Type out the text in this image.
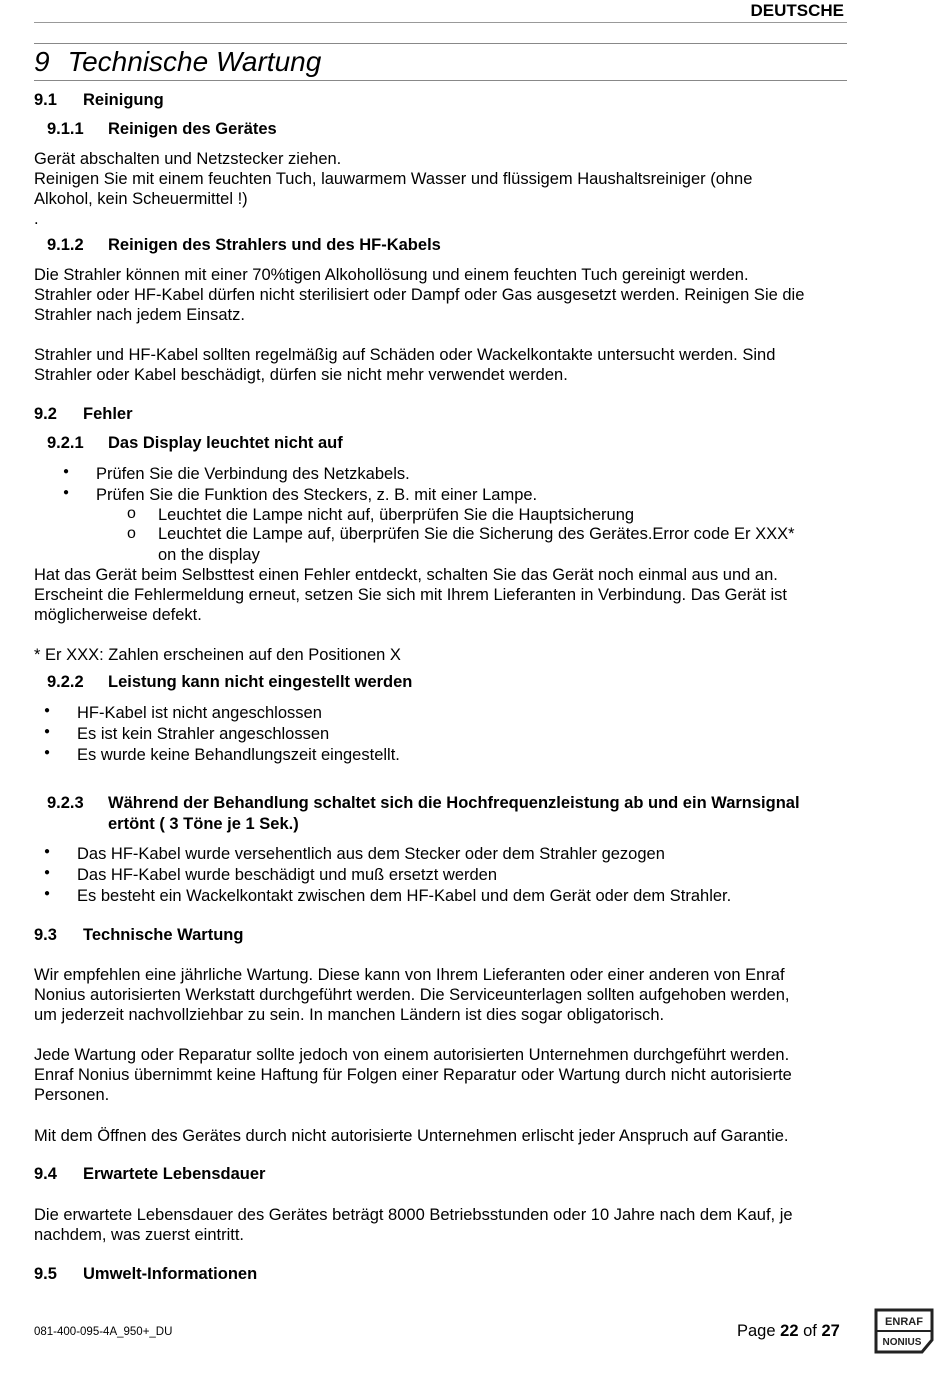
DEUTSCHE
9 Technische Wartung
9.1 Reinigung
9.1.1 Reinigen des Gerätes
Gerät abschalten und Netzstecker ziehen.
Reinigen Sie mit einem feuchten Tuch, lauwarmem Wasser und flüssigem Haushaltsreiniger (ohne
Alkohol, kein Scheuermittel !)
.
9.1.2 Reinigen des Strahlers und des HF-Kabels
Die Strahler können mit einer 70%tigen Alkohollösung und einem feuchten Tuch gereinigt werden.
Strahler oder HF-Kabel dürfen nicht sterilisiert oder Dampf oder Gas ausgesetzt werden. Reinigen Sie die
Strahler nach jedem Einsatz.
Strahler und HF-Kabel sollten regelmäßig auf Schäden oder Wackelkontakte untersucht werden. Sind
Strahler oder Kabel beschädigt, dürfen sie nicht mehr verwendet werden.
9.2 Fehler
9.2.1 Das Display leuchtet nicht auf
Prüfen Sie die Verbindung des Netzkabels.
●
Prüfen Sie die Funktion des Steckers, z. B. mit einer Lampe.
●
o Leuchtet die Lampe nicht auf, überprüfen Sie die Hauptsicherung
o Leuchtet die Lampe auf, überprüfen Sie die Sicherung des Gerätes.Error code Er XXX*
on the display
Hat das Gerät beim Selbsttest einen Fehler entdeckt, schalten Sie das Gerät noch einmal aus und an.
Erscheint die Fehlermeldung erneut, setzen Sie sich mit Ihrem Lieferanten in Verbindung. Das Gerät ist
möglicherweise defekt.
* Er XXX: Zahlen erscheinen auf den Positionen X
9.2.2 Leistung kann nicht eingestellt werden
● HF-Kabel ist nicht angeschlossen
● Es ist kein Strahler angeschlossen
● Es wurde keine Behandlungszeit eingestellt.
9.2.3 Während der Behandlung schaltet sich die Hochfrequenzleistung ab und ein Warnsignal
ertönt ( 3 Töne je 1 Sek.)
● Das HF-Kabel wurde versehentlich aus dem Stecker oder dem Strahler gezogen
● Das HF-Kabel wurde beschädigt und muß ersetzt werden
● Es besteht ein Wackelkontakt zwischen dem HF-Kabel und dem Gerät oder dem Strahler.
9.3 Technische Wartung
Wir empfehlen eine jährliche Wartung. Diese kann von Ihrem Lieferanten oder einer anderen von Enraf
Nonius autorisierten Werkstatt durchgeführt werden. Die Serviceunterlagen sollten aufgehoben werden,
um jederzeit nachvollziehbar zu sein. In manchen Ländern ist dies sogar obligatorisch.
Jede Wartung oder Reparatur sollte jedoch von einem autorisierten Unternehmen durchgeführt werden.
Enraf Nonius übernimmt keine Haftung für Folgen einer Reparatur oder Wartung durch nicht autorisierte
Personen.
Mit dem Öffnen des Gerätes durch nicht autorisierte Unternehmen erlischt jeder Anspruch auf Garantie.
9.4 Erwartete Lebensdauer
Die erwartete Lebensdauer des Gerätes beträgt 8000 Betriebsstunden oder 10 Jahre nach dem Kauf, je
nachdem, was zuerst eintritt.
9.5 Umwelt-Informationen
081-400-095-4A_950+_DU	Page 22 of 27	ENRAF
NONIUS
